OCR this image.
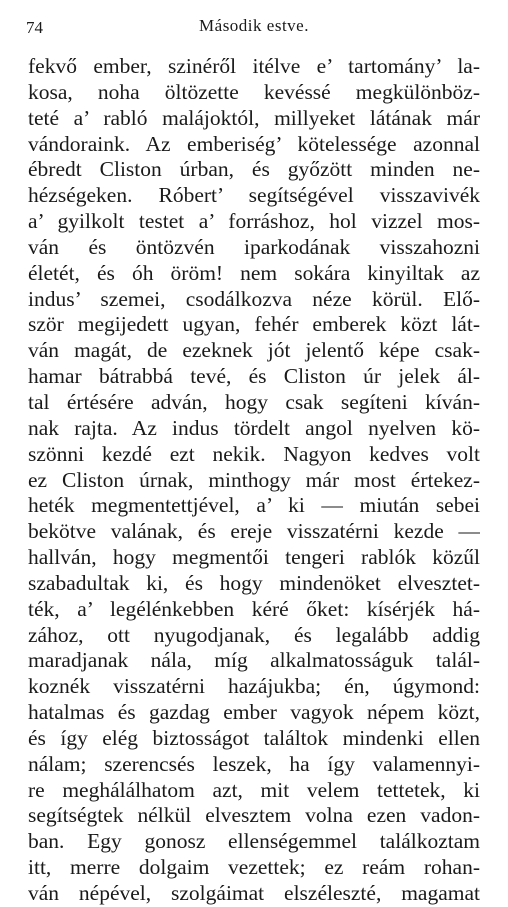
74	Második estve.
fekvő ember, szinéről itélve e’ tartomány’ la-
kosa, noha öltözette kevéssé megkülönböz-
teté a’ rabló malájoktól, millyeket látának már
vándoraink. Az emberiség’ kötelessége azonnal
ébredt Cliston úrban, és győzött minden ne-
hézségeken. Róbert’ segítségével visszavivék
a’ gyilkolt testet a’ forráshoz, hol vizzel mos-
ván és öntözvén iparkodának visszahozni
életét, és óh öröm! nem sokára kinyiltak az
indus’ szemei, csodálkozva néze körül. Elő-
ször megijedett ugyan, fehér emberek közt lát-
ván magát, de ezeknek jót jelentő képe csak-
hamar bátrabbá tevé, és Cliston úr jelek ál-
tal értésére adván, hogy csak segíteni kíván-
nak rajta. Az indus tördelt angol nyelven kö-
szönni kezdé ezt nekik. Nagyon kedves volt
ez Cliston úrnak, minthogy már most értekez-
heték megmentettjével, a’ ki — miután sebei
bekötve valának, és ereje visszatérni kezde —
hallván, hogy megmentői tengeri rablók közűl
szabadultak ki, és hogy mindenöket elvesztet-
ték, a’ legélénkebben kéré őket: kísérjék há-
zához, ott nyugodjanak, és legalább addig
maradjanak nála, míg alkalmatosságuk talál-
koznék visszatérni hazájukba; én, úgymond:
hatalmas és gazdag ember vagyok népem közt,
és így elég biztosságot találtok mindenki ellen
nálam; szerencsés leszek, ha így valamennyi-
re meghálálhatom azt, mit velem tettetek, ki
segítségtek nélkül elvesztem volna ezen vadon-
ban. Egy gonosz ellenségemmel találkoztam
itt, merre dolgaim vezettek; ez reám rohan-
ván népével, szolgáimat elszéleszté, magamat
